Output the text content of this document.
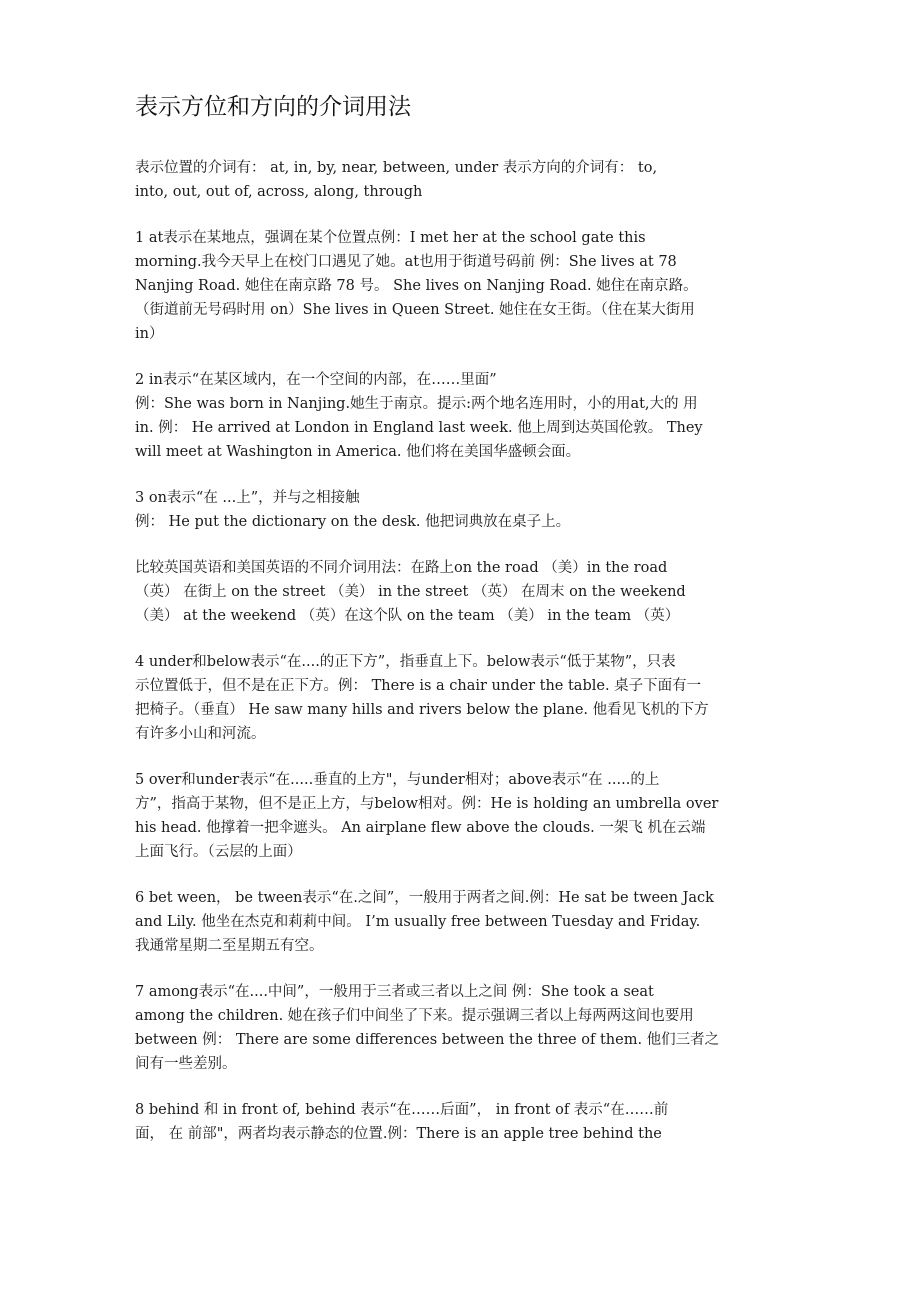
表示方位和方向的介词用法

表示位置的介词有： at, in, by, near, between, under 表示方向的介词有： to,
into, out, out of, across, along, through

1 at表示在某地点，强调在某个位置点例：I met her at the school gate this
morning.我今天早上在校门口遇见了她。at也用于街道号码前 例：She lives at 78
Nanjing Road. 她住在南京路 78 号。 She lives on Nanjing Road. 她住在南京路。
（街道前无号码时用 on）She lives in Queen Street. 她住在女王街。（住在某大街用
in）

2 in表示“在某区域内，在一个空间的内部，在……里面”
例：She was born in Nanjing.她生于南京。提示:两个地名连用时，小的用at,大的 用
in. 例： He arrived at London in England last week. 他上周到达英国伦敦。 They
will meet at Washington in America. 他们将在美国华盛顿会面。

3 on表示“在 ...上”，并与之相接触
例： He put the dictionary on the desk. 他把词典放在桌子上。

比较英国英语和美国英语的不同介词用法：在路上on the road （美）in the road
（英） 在街上 on the street （美） in the street （英） 在周末 on the weekend
（美） at the weekend （英）在这个队 on the team （美） in the team （英）

4 under和below表示“在....的正下方”，指垂直上下。below表示“低于某物”，只表
示位置低于，但不是在正下方。例： There is a chair under the table. 桌子下面有一
把椅子。（垂直） He saw many hills and rivers below the plane. 他看见飞机的下方
有许多小山和河流。

5 over和under表示“在.....垂直的上方"，与under相对；above表示“在 .....的上
方”，指高于某物，但不是正上方，与below相对。例：He is holding an umbrella over
his head. 他撑着一把伞遮头。 An airplane flew above the clouds. 一架飞 机在云端
上面飞行。（云层的上面）

6 bet ween， be tween表示“在.之间”，一般用于两者之间.例：He sat be tween Jack
and Lily. 他坐在杰克和莉莉中间。 I’m usually free between Tuesday and Friday.
我通常星期二至星期五有空。

7 among表示“在....中间”，一般用于三者或三者以上之间 例：She took a seat
among the children. 她在孩子们中间坐了下来。提示强调三者以上每两两这间也要用
between 例： There are some differences between the three of them. 他们三者之
间有一些差别。

8 behind 和 in front of, behind 表示“在……后面”， in front of 表示“在……前
面， 在 前部"，两者均表示静态的位置.例：There is an apple tree behind the
